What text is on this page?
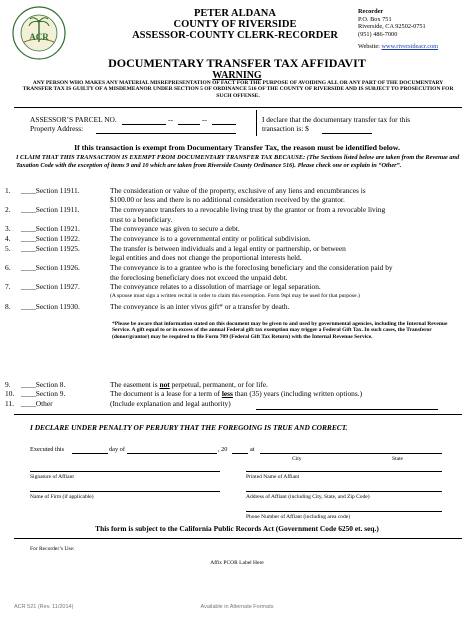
ACR
PETER ALDANA
COUNTY OF RIVERSIDE
ASSESSOR-COUNTY CLERK-RECORDER
Recorder
P.O. Box 751
Riverside, CA 92502-0751
(951) 486-7000
Website: www.riversideacr.com
DOCUMENTARY TRANSFER TAX AFFIDAVIT
WARNING
ANY PERSON WHO MAKES ANY MATERIAL MISREPRESENTATION OF FACT FOR THE PURPOSE OF AVOIDING ALL OR ANY PART OF THE DOCUMENTARY TRANSFER TAX IS GUILTY OF A MISDEMEANOR UNDER SECTION 5 OF ORDINANCE 516 OF THE COUNTY OF RIVERSIDE AND IS SUBJECT TO PROSECUTION FOR SUCH OFFENSE.
ASSESSOR’S PARCEL NO.	--	--
Property Address:
I declare that the documentary transfer tax for this
transaction is: $
If this transaction is exempt from Documentary Transfer Tax, the reason must be identified below.
I CLAIM THAT THIS TRANSACTION IS EXEMPT FROM DOCUMENTARY TRANSFER TAX BECAUSE: (The Sections listed below are taken from the Revenue and Taxation Code with the exception of items 9 and 10 which are taken from Riverside County Ordinance 516). Please check one or explain in “Other”.
1. ____Section 11911.	The consideration or value of the property, exclusive of any liens and encumbrances is
$100.00 or less and there is no additional consideration received by the grantor.
2. ____Section 11911.	The conveyance transfers to a revocable living trust by the grantor or from a revocable living
trust to a beneficiary.
3. ____Section 11921.	The conveyance was given to secure a debt.
4. ____Section 11922.	The conveyance is to a governmental entity or political subdivision.
5. ____Section 11925.	The transfer is between individuals and a legal entity or partnership, or between
legal entities and does not change the proportional interests held.
6. ____Section 11926.	The conveyance is to a grantee who is the foreclosing beneficiary and the consideration paid by
the foreclosing beneficiary does not exceed the unpaid debt.
7. ____Section 11927.	The conveyance relates to a dissolution of marriage or legal separation.
(A spouse must sign a written recital in order to claim this exemption. Form 9spl may be used for that purpose.)
8. ____Section 11930.	The conveyance is an inter vivos gift* or a transfer by death.
*Please be aware that information stated on this document may be given to and used by governmental agencies, including the Internal Revenue Service. A gift equal to or in excess of the annual Federal gift tax exemption may trigger a Federal Gift Tax. In such cases, the Transferor (donor/grantor) may be required to file Form 709 (Federal Gift Tax Return) with the Internal Revenue Service.
9. ____Section 8.	The easement is not perpetual, permanent, or for life.
10. ____Section 9.	The document is a lease for a term of less than (35) years (including written options.)
11. ____Other	(Include explanation and legal authority)
I DECLARE UNDER PENALTY OF PERJURY THAT THE FOREGOING IS TRUE AND CORRECT.
Executed this	day of	, 20	at
City	State
Signature of Affiant	Printed Name of Affiant
Name of Firm (if applicable)	Address of Affiant (including City, State, and Zip Code)
Phone Number of Affiant (including area code)
This form is subject to the California Public Records Act (Government Code 6250 et. seq.)
For Recorder’s Use:
Affix PCOR Label Here
ACR 521 (Rev. 11/2014)	Available in Alternate Formats
